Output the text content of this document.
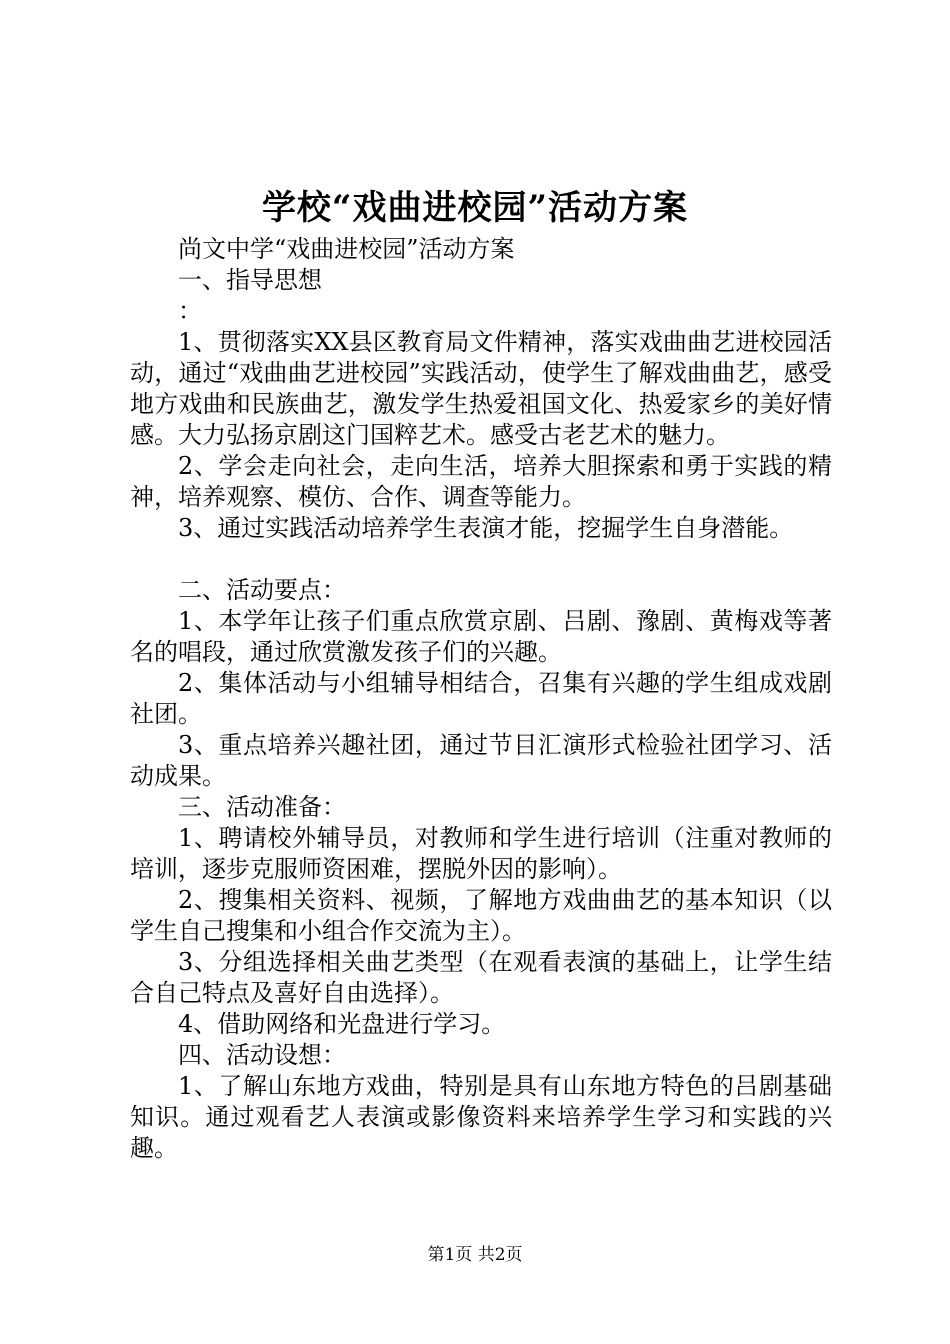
学校“戏曲进校园”活动方案

尚文中学“戏曲进校园”活动方案

一、指导思想

：

1、贯彻落实XX县区教育局文件精神，落实戏曲曲艺进校园活动，通过“戏曲曲艺进校园”实践活动，使学生了解戏曲曲艺，感受地方戏曲和民族曲艺，激发学生热爱祖国文化、热爱家乡的美好情感。大力弘扬京剧这门国粹艺术。感受古老艺术的魅力。

2、学会走向社会，走向生活，培养大胆探索和勇于实践的精神，培养观察、模仿、合作、调查等能力。

3、通过实践活动培养学生表演才能，挖掘学生自身潜能。

二、活动要点：

1、本学年让孩子们重点欣赏京剧、吕剧、豫剧、黄梅戏等著名的唱段，通过欣赏激发孩子们的兴趣。

2、集体活动与小组辅导相结合，召集有兴趣的学生组成戏剧社团。

3、重点培养兴趣社团，通过节目汇演形式检验社团学习、活动成果。

三、活动准备：

1、聘请校外辅导员，对教师和学生进行培训（注重对教师的培训，逐步克服师资困难，摆脱外因的影响）。

2、搜集相关资料、视频，了解地方戏曲曲艺的基本知识（以学生自己搜集和小组合作交流为主）。

3、分组选择相关曲艺类型（在观看表演的基础上，让学生结合自己特点及喜好自由选择）。

4、借助网络和光盘进行学习。

四、活动设想：

1、了解山东地方戏曲，特别是具有山东地方特色的吕剧基础知识。通过观看艺人表演或影像资料来培养学生学习和实践的兴趣。

第1页 共2页
